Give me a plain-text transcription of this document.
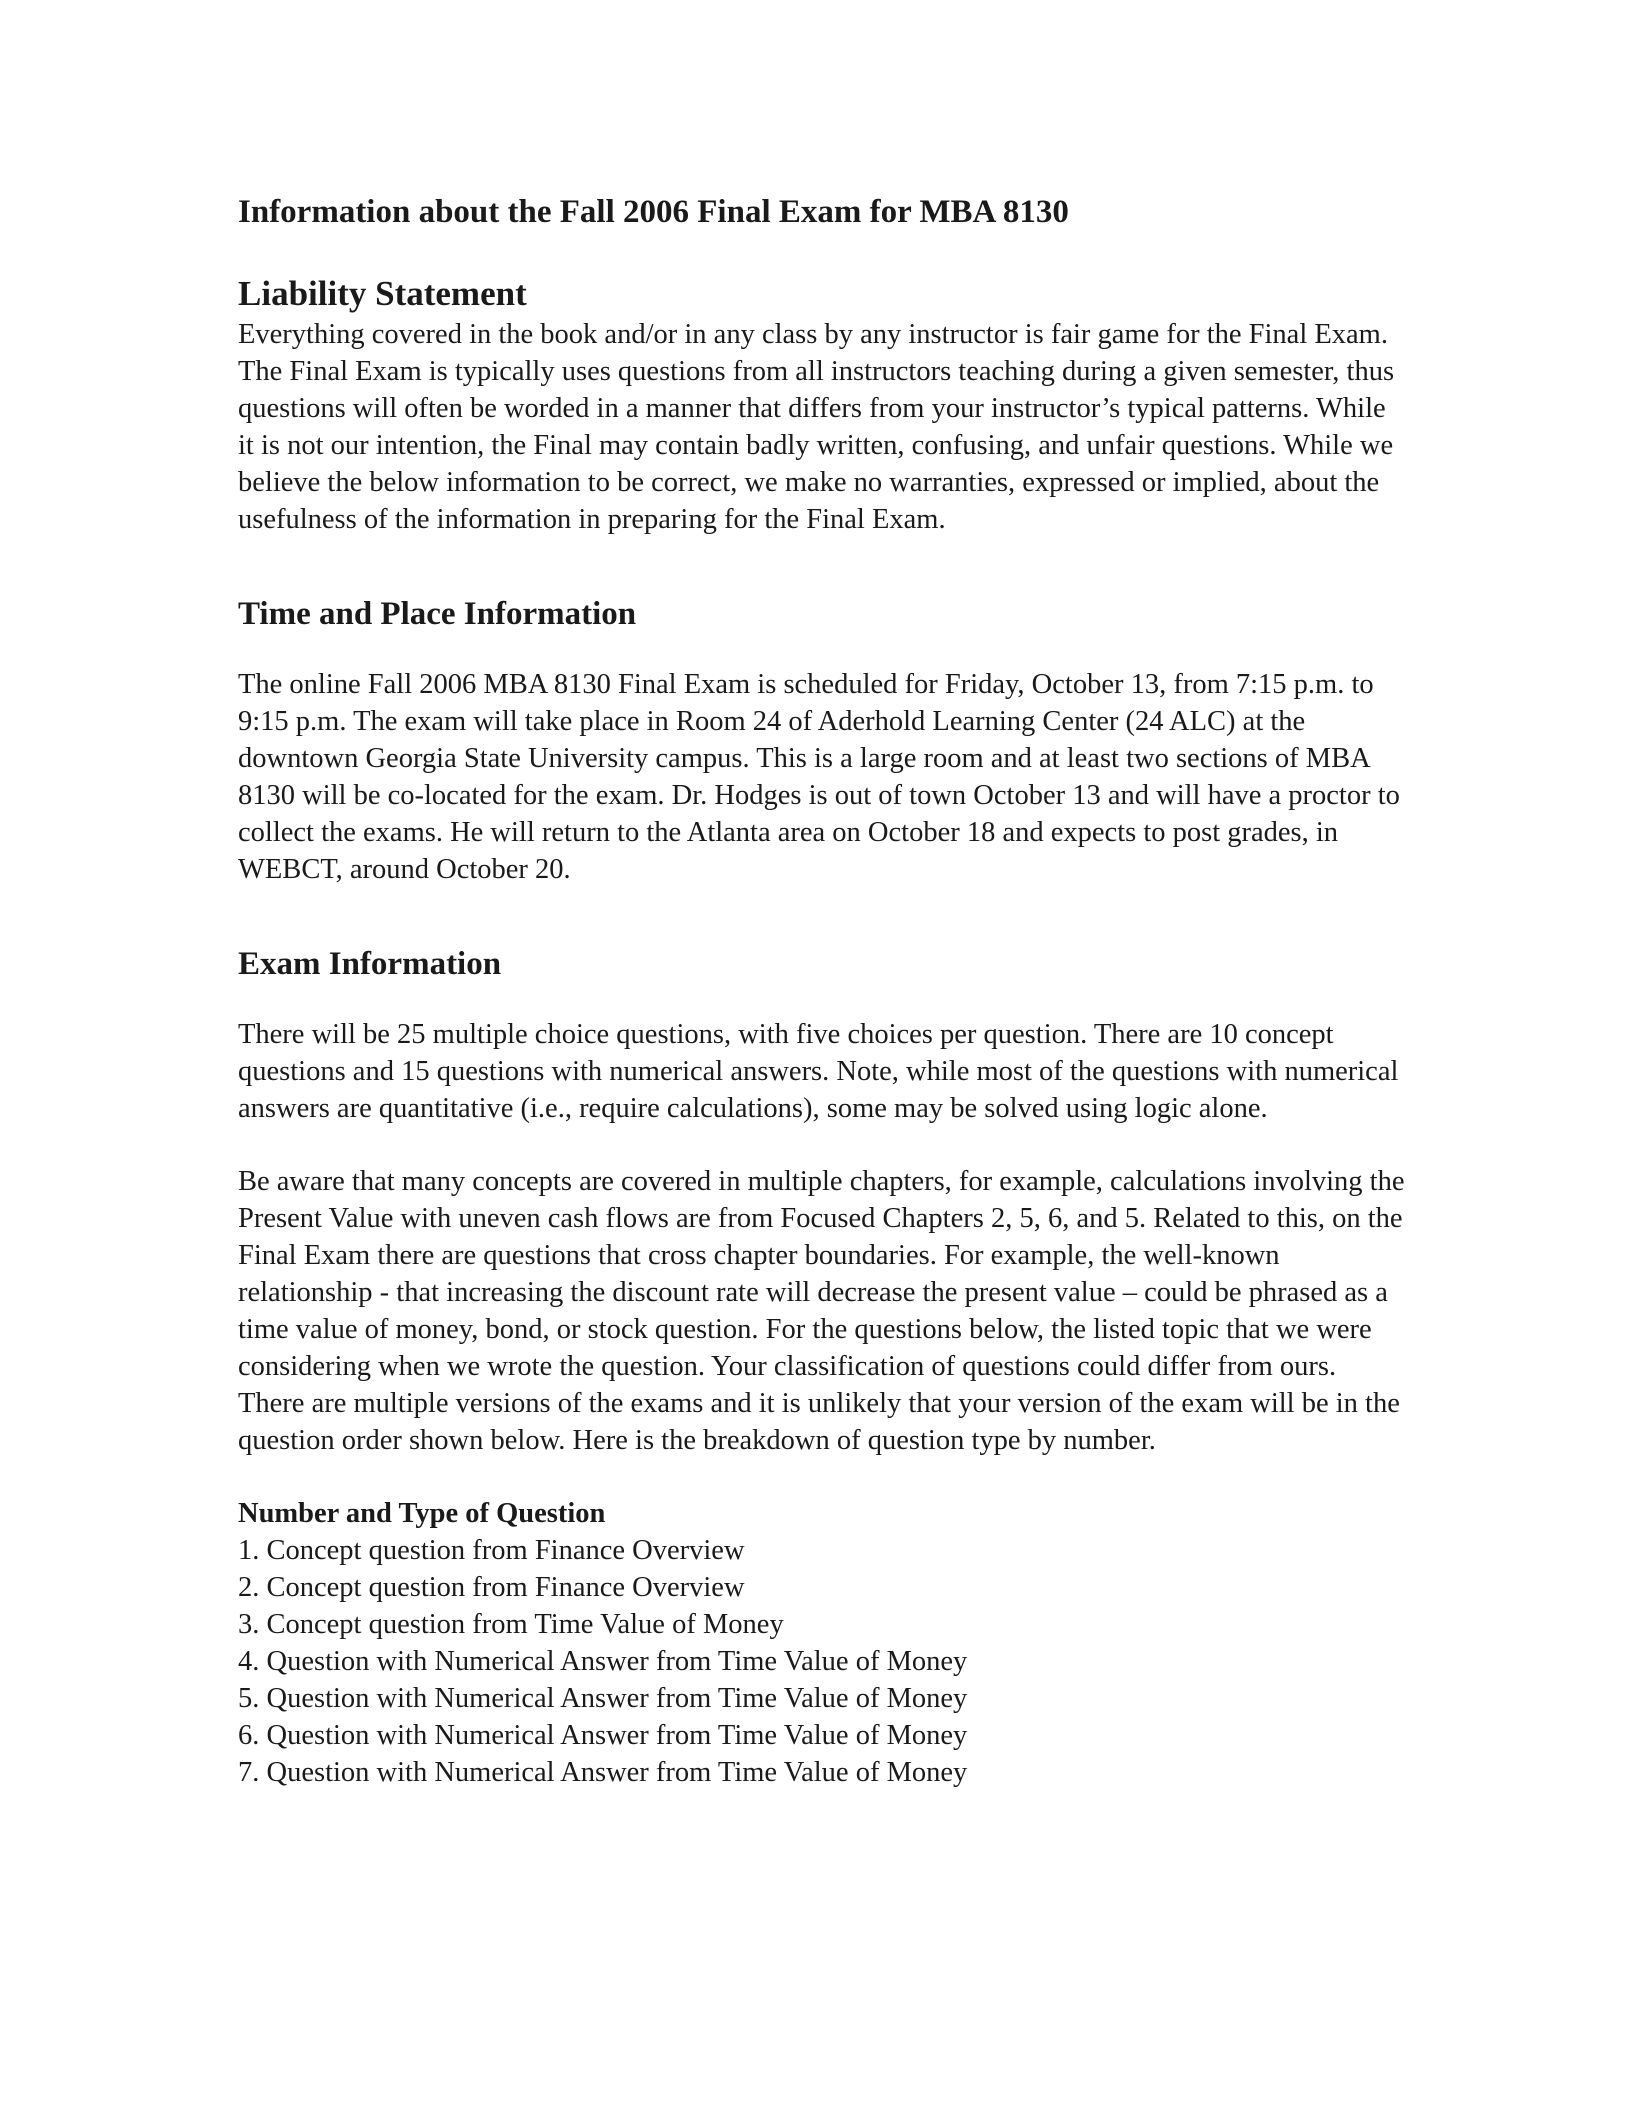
Information about the Fall 2006 Final Exam for MBA 8130
Liability Statement

Everything covered in the book and/or in any class by any instructor is fair game for the Final Exam. The Final Exam is typically uses questions from all instructors teaching during a given semester, thus questions will often be worded in a manner that differs from your instructor’s typical patterns. While it is not our intention, the Final may contain badly written, confusing, and unfair questions. While we believe the below information to be correct, we make no warranties, expressed or implied, about the usefulness of the information in preparing for the Final Exam.

Time and Place Information

The online Fall 2006 MBA 8130 Final Exam is scheduled for Friday, October 13, from 7:15 p.m. to 9:15 p.m. The exam will take place in Room 24 of Aderhold Learning Center (24 ALC) at the downtown Georgia State University campus. This is a large room and at least two sections of MBA 8130 will be co-located for the exam. Dr. Hodges is out of town October 13 and will have a proctor to collect the exams. He will return to the Atlanta area on October 18 and expects to post grades, in WEBCT, around October 20.

Exam Information

There will be 25 multiple choice questions, with five choices per question. There are 10 concept questions and 15 questions with numerical answers. Note, while most of the questions with numerical answers are quantitative (i.e., require calculations), some may be solved using logic alone.

Be aware that many concepts are covered in multiple chapters, for example, calculations involving the Present Value with uneven cash flows are from Focused Chapters 2, 5, 6, and 5. Related to this, on the Final Exam there are questions that cross chapter boundaries. For example, the well-known relationship - that increasing the discount rate will decrease the present value – could be phrased as a time value of money, bond, or stock question. For the questions below, the listed topic that we were considering when we wrote the question. Your classification of questions could differ from ours. There are multiple versions of the exams and it is unlikely that your version of the exam will be in the question order shown below. Here is the breakdown of question type by number.

Number and Type of Question

1. Concept question from Finance Overview
2. Concept question from Finance Overview
3. Concept question from Time Value of Money
4. Question with Numerical Answer from Time Value of Money
5. Question with Numerical Answer from Time Value of Money
6. Question with Numerical Answer from Time Value of Money
7. Question with Numerical Answer from Time Value of Money
